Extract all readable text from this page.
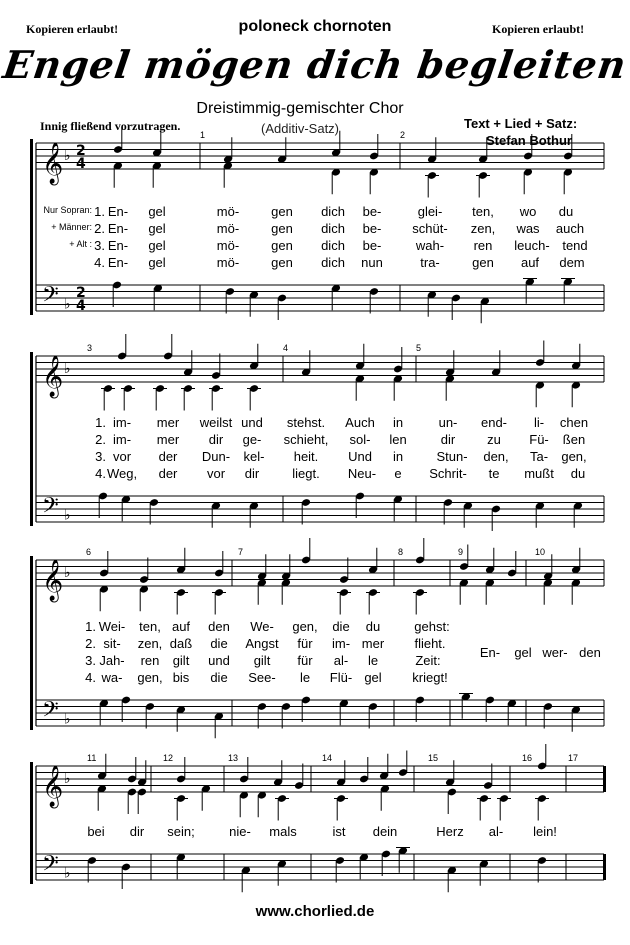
Kopieren erlaubt!	Kopieren erlaubt!
poloneck chornoten
Engel mögen dich begleiten
Dreistimmig-gemischter Chor
(Additiv-Satz)
Innig fließend vorzutragen.	Text + Lied + Satz:
Stefan Bothur
1	2
𝄞
𝄢
♭
♭
2
4
2
4
3	4	5
𝄞
𝄢
♭
♭
6	7	8	9	10
𝄞
𝄢
♭
♭
11	12	13	14	15	16	17
𝄞
𝄢
♭
♭
Nur Sopran: 1. En- gel	mö- gen dich be-	glei- ten, wo du
+ Männer: 2. En- gel	mö- gen dich be- schüt- zen, was auch
+ Alt : 3. En- gel	mö- gen dich be-	wah- ren leuch- tend
4. En- gel	mö- gen dich nun	tra- gen auf dem
1. im- mer weilst und stehst. Auch in	un- end- li- chen
2. im- mer dir ge- schieht, sol- len	dir zu Fü- ßen
3. vor der Dun- kel- heit. Und in	Stun- den, Ta- gen,
4. Weg, der vor dir	liegt. Neu- e Schrit- te mußt du
1. Wei- ten, auf den We- gen, die du	gehst:
2. sit- zen, daß die Angst für im- mer flieht.
3. Jah- ren gilt und gilt für al- le	Zeit:
4. wa- gen, bis die See- le Flü- gel kriegt!
En- gel wer- den
bei dir sein;	nie- mals	ist dein	Herz al- lein!
www.chorlied.de
